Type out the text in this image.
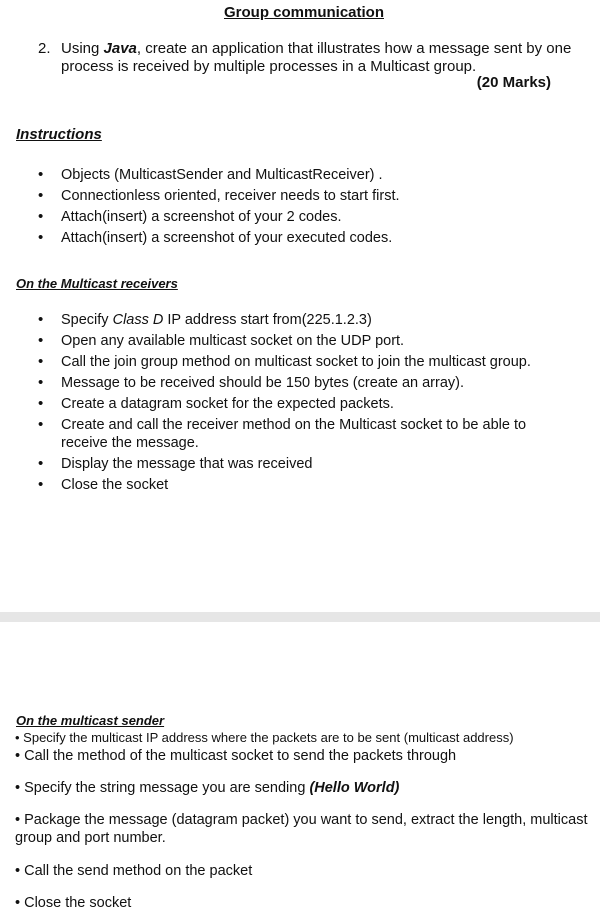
Group communication
2. Using Java, create an application that illustrates how a message sent by one process is received by multiple processes in a Multicast group.
(20 Marks)
Instructions
• Objects (MulticastSender and MulticastReceiver) .
• Connectionless oriented, receiver needs to start first.
• Attach(insert) a screenshot of your 2 codes.
• Attach(insert) a screenshot of your executed codes.
On the Multicast receivers
• Specify Class D IP address start from(225.1.2.3)
• Open any available multicast socket on the UDP port.
• Call the join group method on multicast socket to join the multicast group.
• Message to be received should be 150 bytes (create an array).
• Create a datagram socket for the expected packets.
• Create and call the receiver method on the Multicast socket to be able to receive the message.
• Display the message that was received
• Close the socket
On the multicast sender
• Specify the multicast IP address where the packets are to be sent (multicast address)
• Call the method of the multicast socket to send the packets through
• Specify the string message you are sending (Hello World)
• Package the message (datagram packet) you want to send, extract the length, multicast group and port number.
• Call the send method on the packet
• Close the socket
